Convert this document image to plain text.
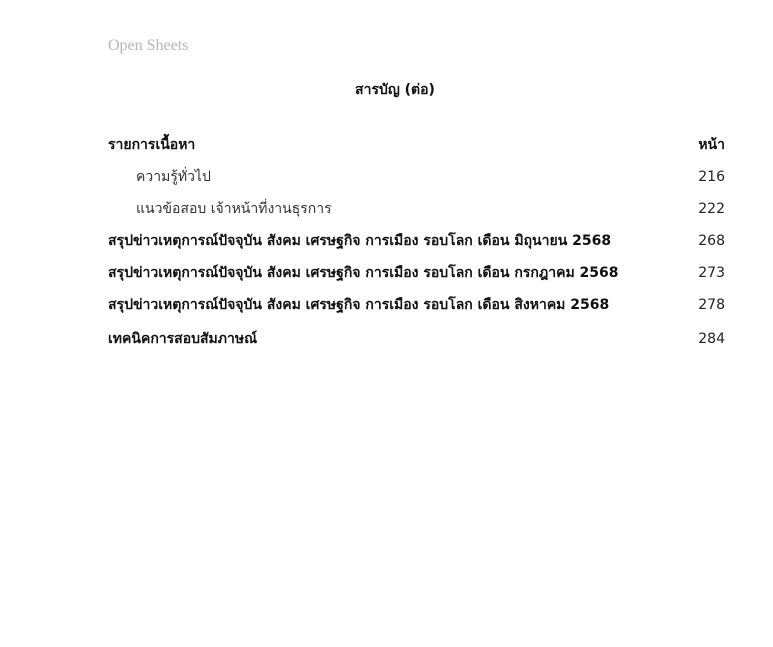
Open Sheets
สารบัญ (ต่อ)
รายการเนื้อหา	หน้า
ความรู้ทั่วไป	216
แนวข้อสอบ เจ้าหน้าที่งานธุรการ	222
สรุปข่าวเหตุการณ์ปัจจุบัน สังคม เศรษฐกิจ การเมือง รอบโลก เดือน มิถุนายน 2568	268
สรุปข่าวเหตุการณ์ปัจจุบัน สังคม เศรษฐกิจ การเมือง รอบโลก เดือน กรกฎาคม 2568	273
สรุปข่าวเหตุการณ์ปัจจุบัน สังคม เศรษฐกิจ การเมือง รอบโลก เดือน สิงหาคม 2568	278
เทคนิคการสอบสัมภาษณ์	284
